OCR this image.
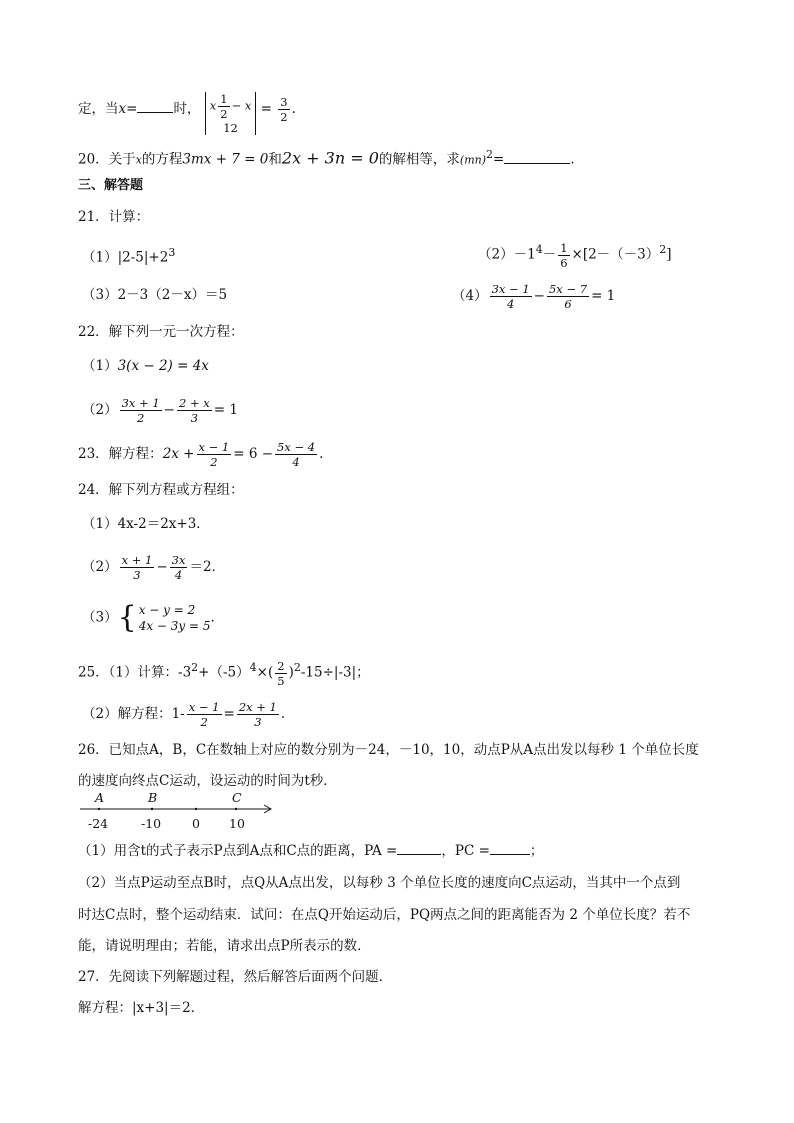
定，当x=	时， x $\frac{1}{2} - x$
$12 = \frac{3}{2}$ .
20．关于x的方程3mx + 7 = 0和2x + 3n = 0的解相等，求(mn)$^2$=	.
三、解答题
21．计算：
$(1)|2-5|+2^3$	$(2)-1^4- \frac{1}{6} \times[2-(-3)^2]$
（3）2－3（2－x）＝5	$(4) \frac{3x - 1}{4} - \frac{5x - 7}{6} = 1$
22．解下列一元一次方程：
（1）3(x − 2) = 4x
$(2) \frac{3x + 1}{2} - \frac{2 + x}{3} = 1$
23．解方程：$2x + \frac{x - 1}{2} = 6 - \frac{5x - 4}{4}$ .
24．解下列方程或方程组：
（1）4x-2＝2x+3．
$(2) \frac{x + 1}{3} - \frac{3x}{4} =2$．
（3）{ x − y = 2
4x − 3y = 5．
25．（1）计算：$-3^2+(-5)^4\times( \frac{2}{5} )^2-15\div|-3|$；
（2）解方程：$1- \frac{x - 1}{2} = \frac{2x + 1}{3}$ ．
26．已知点A，B，C在数轴上对应的数分别为－24，－10，10，动点P从A点出发以每秒 1 个单位长度
的速度向终点C运动，设运动的时间为t秒．
A	B	C
-24	-10 0 10
（1）用含t的式子表示P点到A点和C点的距离，PA =	，PC =	；
（2）当点P运动至点B时，点Q从A点出发，以每秒 3 个单位长度的速度向C点运动，当其中一个点到
时达C点时，整个运动结束．试问：在点Q开始运动后，PQ两点之间的距离能否为 2 个单位长度？若不
能，请说明理由；若能，请求出点P所表示的数．
27．先阅读下列解题过程，然后解答后面两个问题．
解方程：|x+3|＝2．
